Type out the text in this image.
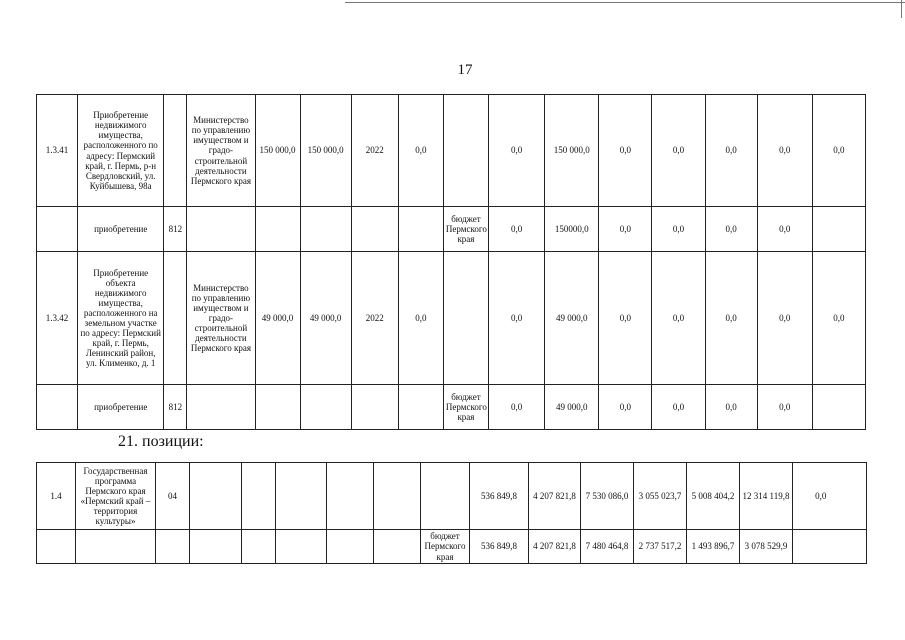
17
1.3.41	Приобретение недвижимого имущества, расположенного по адресу: Пермский край, г. Пермь, р-н Свердловский, ул. Куйбышева, 98а		Министерство по управлению имуществом и градо-строительной деятельности Пермского края	150 000,0	150 000,0	2022	0,0		0,0	150 000,0	0,0	0,0	0,0	0,0	0,0
	приобретение	812						бюджет Пермского края	0,0	150000,0	0,0	0,0	0,0	0,0	
1.3.42	Приобретение объекта недвижимого имущества, расположенного на земельном участке по адресу: Пермский край, г. Пермь, Ленинский район, ул. Клименко, д. 1		Министерство по управлению имуществом и градо-строительной деятельности Пермского края	49 000,0	49 000,0	2022	0,0		0,0	49 000,0	0,0	0,0	0,0	0,0	0,0
	приобретение	812						бюджет Пермского края	0,0	49 000,0	0,0	0,0	0,0	0,0	
21. позиции:
1.4	Государственная программа Пермского края «Пермский край – территория культуры»	04							536 849,8	4 207 821,8	7 530 086,0	3 055 023,7	5 008 404,2	12 314 119,8	0,0	
								бюджет Пермского края	536 849,8	4 207 821,8	7 480 464,8	2 737 517,2	1 493 896,7	3 078 529,9		
